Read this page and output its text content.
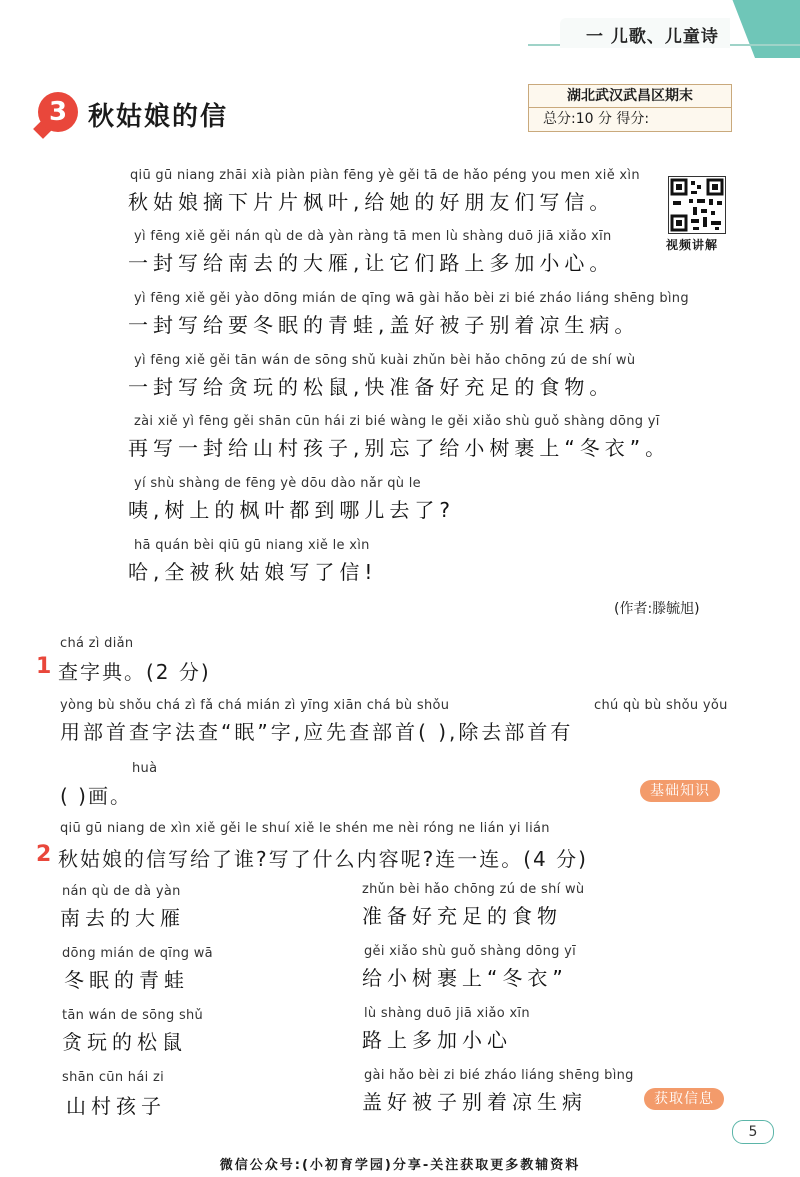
一 儿歌、儿童诗
3 秋姑娘的信
湖北武汉武昌区期末
总分:10 分 得分:
视频讲解
qiū gū niang zhāi xià piàn piàn fēng yè gěi tā de hǎo péng you men xiě xìn
秋姑娘摘下片片枫叶,给她的好朋友们写信。
yì fēng xiě gěi nán qù de dà yàn ràng tā men lù shàng duō jiā xiǎo xīn
一封写给南去的大雁,让它们路上多加小心。
yì fēng xiě gěi yào dōng mián de qīng wā gài hǎo bèi zi bié zháo liáng shēng bìng
一封写给要冬眠的青蛙,盖好被子别着凉生病。
yì fēng xiě gěi tān wán de sōng shǔ kuài zhǔn bèi hǎo chōng zú de shí wù
一封写给贪玩的松鼠,快准备好充足的食物。
zài xiě yì fēng gěi shān cūn hái zi bié wàng le gěi xiǎo shù guǒ shàng dōng yī
再写一封给山村孩子,别忘了给小树裹上“冬衣”。
yí shù shàng de fēng yè dōu dào nǎr qù le
咦,树上的枫叶都到哪儿去了?
hā quán bèi qiū gū niang xiě le xìn
哈,全被秋姑娘写了信!
(作者:滕毓旭)
chá zì diǎn
1 查字典。(2 分)
yòng bù shǒu chá zì fǎ chá mián zì yīng xiān chá bù shǒu	chú qù bù shǒu yǒu
用部首查字法查“眠”字,应先查部首( ),除去部首有
huà
( )画。	基础知识
qiū gū niang de xìn xiě gěi le shuí xiě le shén me nèi róng ne lián yi lián
2 秋姑娘的信写给了谁?写了什么内容呢?连一连。(4 分)
nán qù de dà yàn
南去的大雁
dōng mián de qīng wā
冬眠的青蛙
tān wán de sōng shǔ
贪玩的松鼠
shān cūn hái zi
山村孩子
zhǔn bèi hǎo chōng zú de shí wù
准备好充足的食物
gěi xiǎo shù guǒ shàng dōng yī
给小树裹上“冬衣”
lù shàng duō jiā xiǎo xīn
路上多加小心
gài hǎo bèi zi bié zháo liáng shēng bìng
盖好被子别着凉生病	获取信息
5
微信公众号:(小初育学园)分享-关注获取更多教辅资料
